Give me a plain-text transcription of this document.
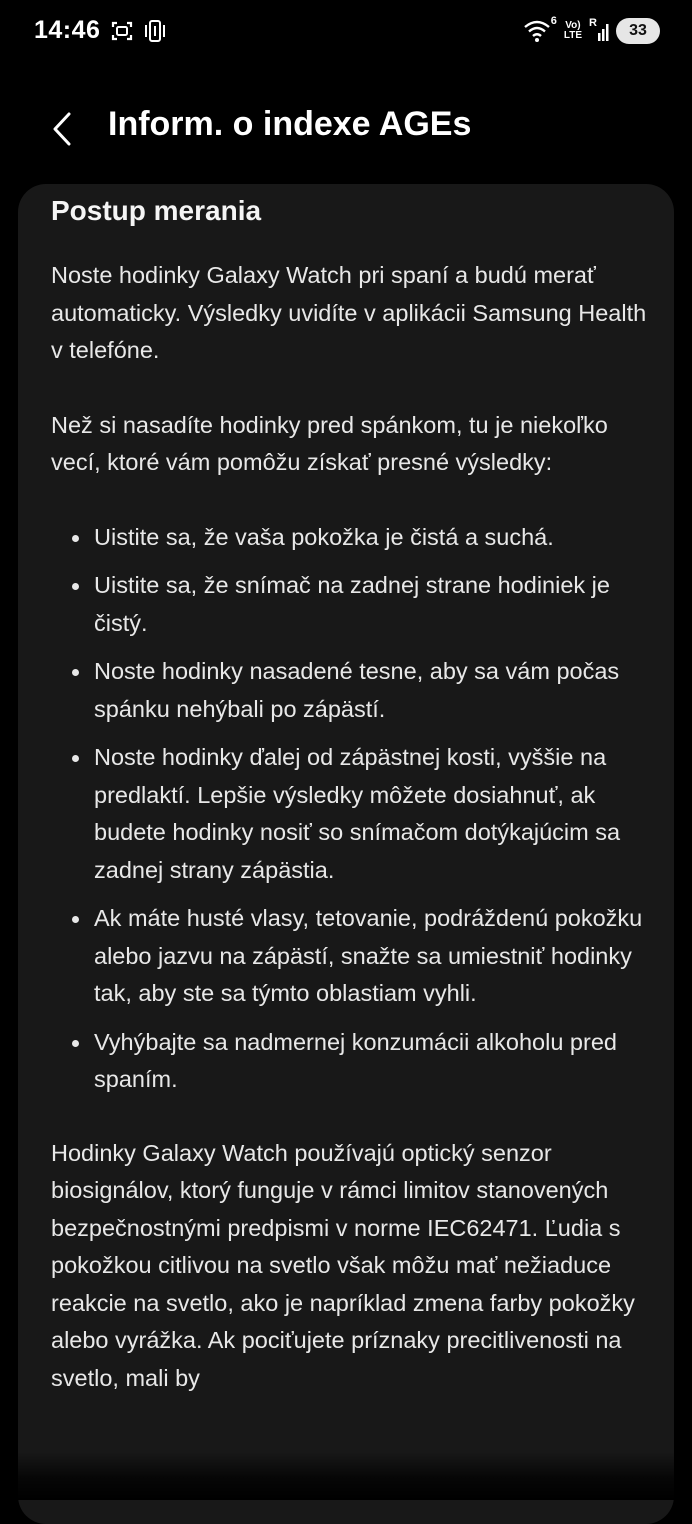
14:46	6 Vo)
LTE
R	33
Inform. o indexe AGEs
Postup merania

Noste hodinky Galaxy Watch pri spaní a budú merať automaticky. Výsledky uvidíte v aplikácii Samsung Health v telefóne.

Než si nasadíte hodinky pred spánkom, tu je niekoľko vecí, ktoré vám pomôžu získať presné výsledky:

Uistite sa, že vaša pokožka je čistá a suchá.
Uistite sa, že snímač na zadnej strane hodiniek je čistý.
Noste hodinky nasadené tesne, aby sa vám počas spánku nehýbali po zápästí.
Noste hodinky ďalej od zápästnej kosti, vyššie na predlaktí. Lepšie výsledky môžete dosiahnuť, ak budete hodinky nosiť so snímačom dotýkajúcim sa zadnej strany zápästia.
Ak máte husté vlasy, tetovanie, podráždenú pokožku alebo jazvu na zápästí, snažte sa umiestniť hodinky tak, aby ste sa týmto oblastiam vyhli.
Vyhýbajte sa nadmernej konzumácii alkoholu pred spaním.

Hodinky Galaxy Watch používajú optický senzor biosignálov, ktorý funguje v rámci limitov stanovených bezpečnostnými predpismi v norme IEC62471. Ľudia s pokožkou citlivou na svetlo však môžu mať nežiaduce reakcie na svetlo, ako je napríklad zmena farby pokožky alebo vyrážka. Ak pociťujete príznaky precitlivenosti na svetlo, mali by
